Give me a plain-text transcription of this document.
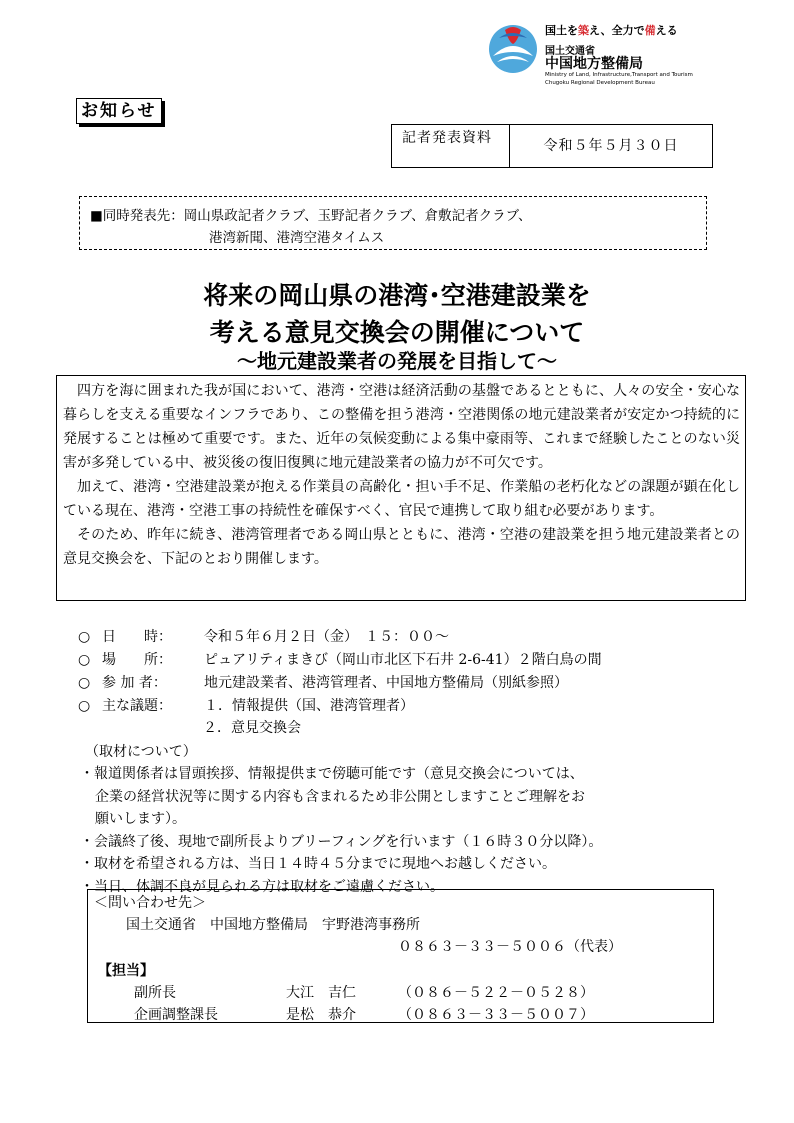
国土を築え、全力で備える
国土交通省
中国地方整備局
Ministry of Land, Infrastructure,Transport and Tourism
Chugoku Regional Development Bureau
お知らせ
記者発表資料	令和５年５月３０日
■同時発表先：岡山県政記者クラブ、玉野記者クラブ、倉敷記者クラブ、
港湾新聞、港湾空港タイムス
将来の岡山県の港湾･空港建設業を
考える意見交換会の開催について
～地元建設業者の発展を目指して～

四方を海に囲まれた我が国において、港湾・空港は経済活動の基盤であるとともに、人々の安全・安心な暮らしを支える重要なインフラであり、この整備を担う港湾・空港関係の地元建設業者が安定かつ持続的に発展することは極めて重要です。また、近年の気候変動による集中豪雨等、これまで経験したことのない災害が多発している中、被災後の復旧復興に地元建設業者の協力が不可欠です。

加えて、港湾・空港建設業が抱える作業員の高齢化・担い手不足、作業船の老朽化などの課題が顕在化している現在、港湾・空港工事の持続性を確保すべく、官民で連携して取り組む必要があります。

そのため、昨年に続き、港湾管理者である岡山県とともに、港湾・空港の建設業を担う地元建設業者との意見交換会を、下記のとおり開催します。

○ 日　　時： 令和５年６月２日（金）　１５：００～
○ 場　　所： ピュアリティまきび（岡山市北区下石井 2-6-41）２階白鳥の間
○ 参 加 者：	地元建設業者、港湾管理者、中国地方整備局（別紙参照）
○ 主な議題： １．情報提供（国、港湾管理者）
２．意見交換会
（取材について）
・報道関係者は冒頭挨拶、情報提供まで傍聴可能です（意見交換会については、
企業の経営状況等に関する内容も含まれるため非公開としますことご理解をお
願いします）。
・会議終了後、現地で副所長よりブリーフィングを行います（１６時３０分以降）。
・取材を希望される方は、当日１４時４５分までに現地へお越しください。
・当日、体調不良が見られる方は取材をご遠慮ください。
＜問い合わせ先＞
国土交通省　中国地方整備局　宇野港湾事務所
０８６３－３３－５００６（代表）
【担当】
副所長	大江　吉仁	（０８６－５２２－０５２８）
企画調整課長	是松　恭介	（０８６３－３３－５００７）
